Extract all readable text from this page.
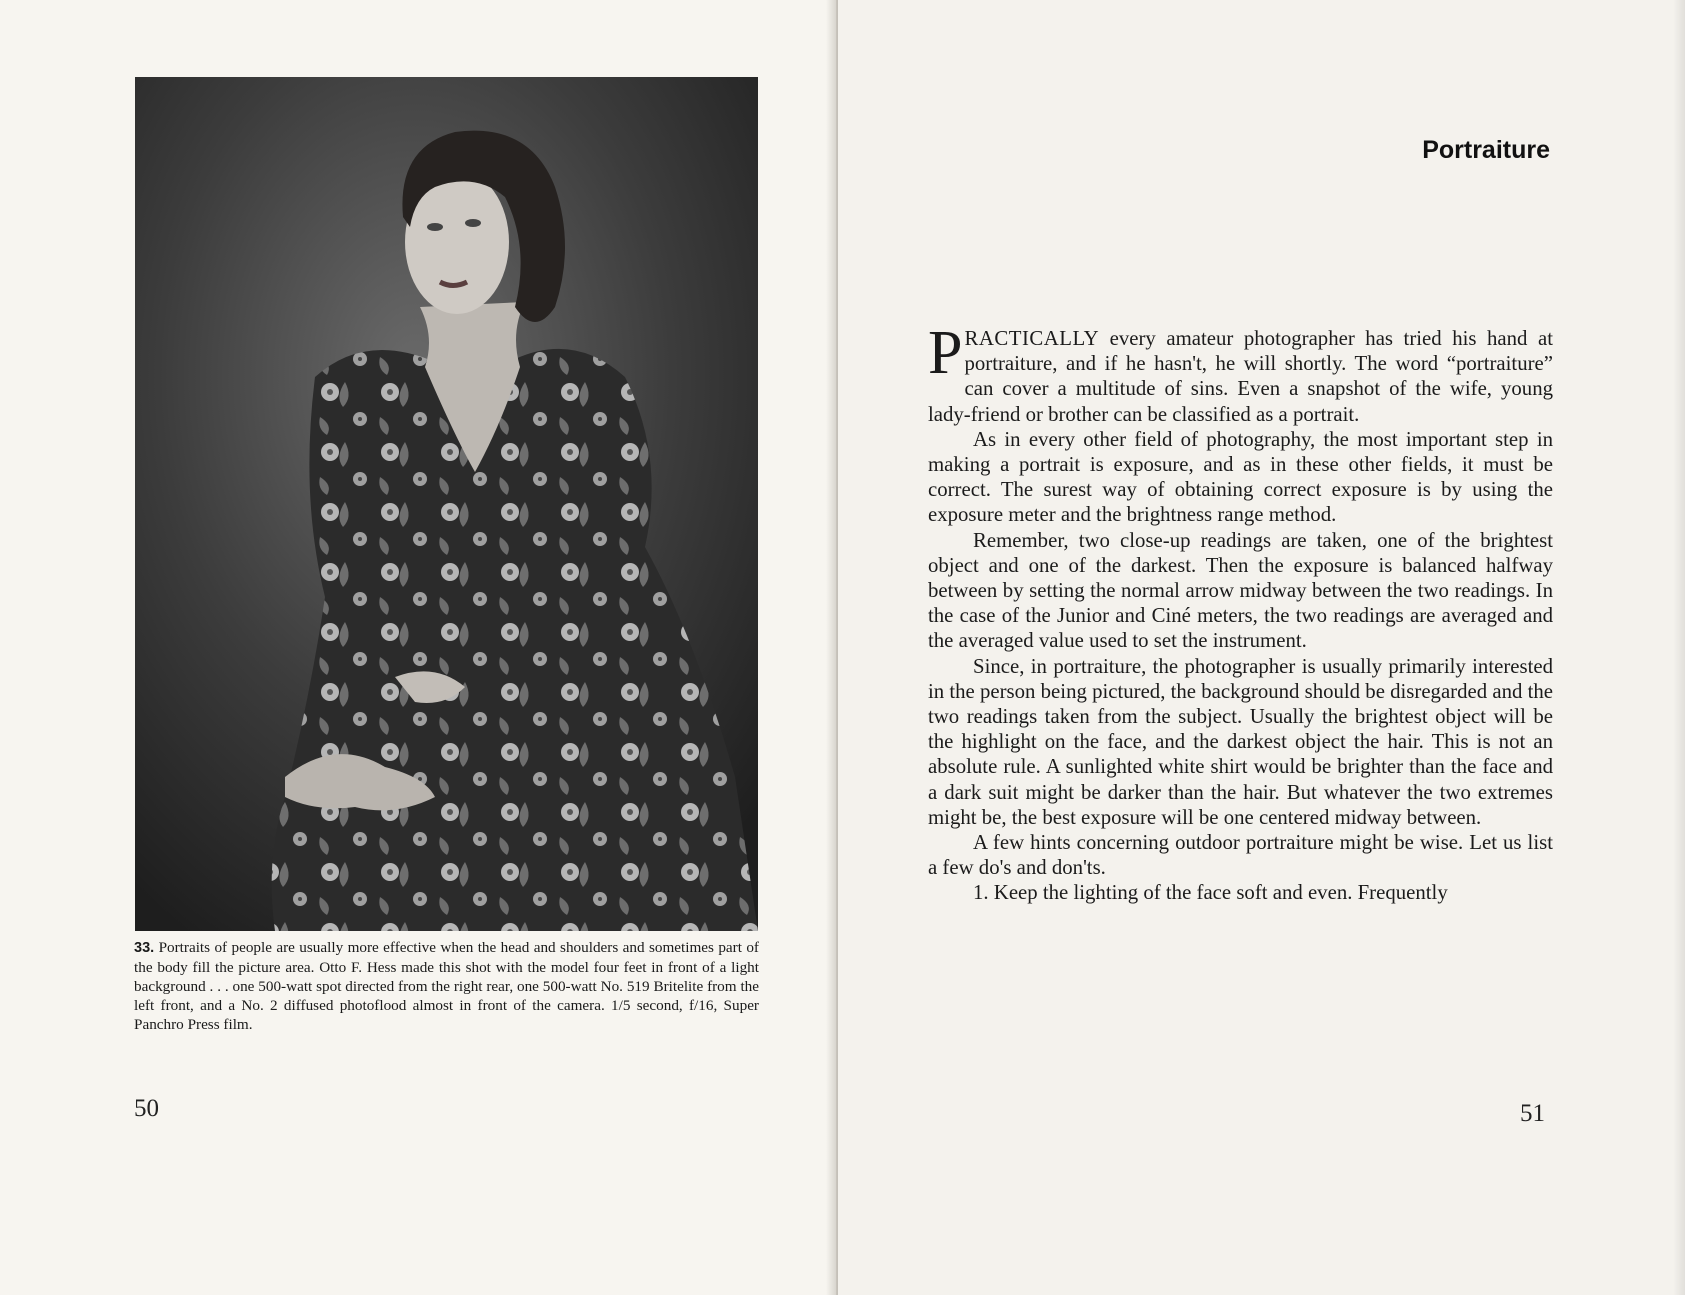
33. Portraits of people are usually more effective when the head and shoulders and sometimes part of the body fill the picture area. Otto F. Hess made this shot with the model four feet in front of a light background . . . one 500-watt spot directed from the right rear, one 500-watt No. 519 Britelite from the left front, and a No. 2 diffused photoflood almost in front of the camera. 1/5 second, f/16, Super Panchro Press film.
50
Portraiture

PRACTICALLY every amateur photographer has tried his hand at portraiture, and if he hasn't, he will shortly. The word “portraiture” can cover a multitude of sins. Even a snapshot of the wife, young lady-friend or brother can be classified as a portrait.

As in every other field of photography, the most important step in making a portrait is exposure, and as in these other fields, it must be correct. The surest way of obtaining correct exposure is by using the exposure meter and the brightness range method.

Remember, two close-up readings are taken, one of the brightest object and one of the darkest. Then the exposure is balanced halfway between by setting the normal arrow midway between the two readings. In the case of the Junior and Ciné meters, the two readings are averaged and the averaged value used to set the instrument.

Since, in portraiture, the photographer is usually primarily interested in the person being pictured, the background should be disregarded and the two readings taken from the subject. Usually the brightest object will be the highlight on the face, and the darkest object the hair. This is not an absolute rule. A sunlighted white shirt would be brighter than the face and a dark suit might be darker than the hair. But whatever the two extremes might be, the best exposure will be one centered midway between.

A few hints concerning outdoor portraiture might be wise. Let us list a few do's and don'ts.

1. Keep the lighting of the face soft and even. Frequently

51
